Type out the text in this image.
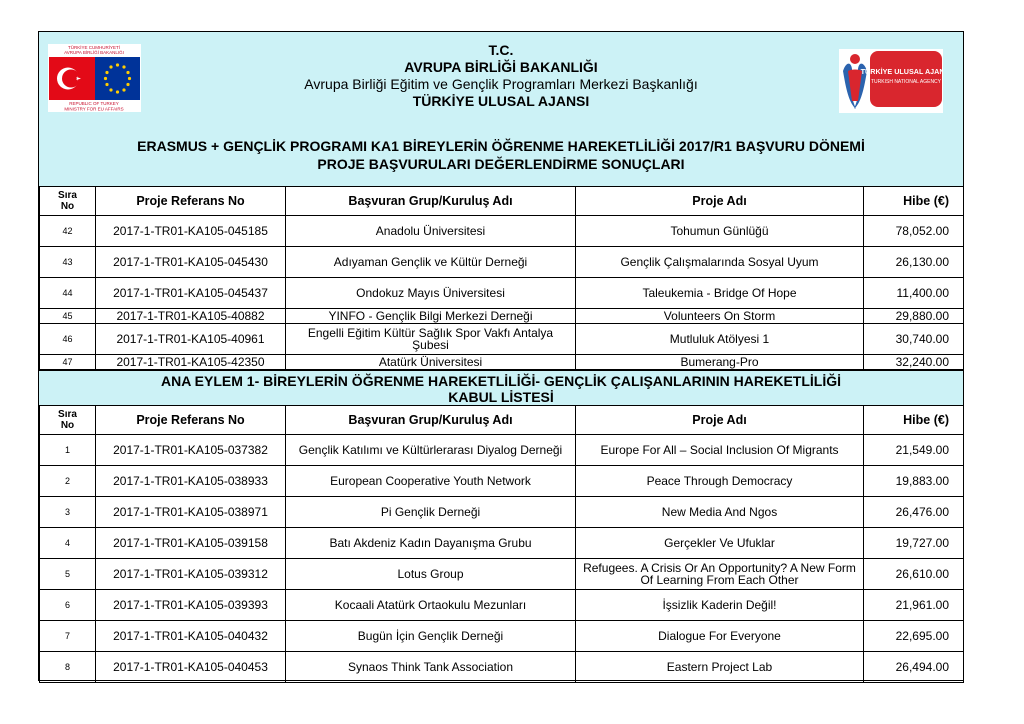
TÜRKİYE CUMHURİYETİ
AVRUPA BİRLİĞİ BAKANLIĞI
REPUBLIC OF TURKEY
MINISTRY FOR EU AFFAIRS
T.C.
AVRUPA BİRLİĞİ BAKANLIĞI
Avrupa Birliği Eğitim ve Gençlik Programları Merkezi Başkanlığı
TÜRKİYE ULUSAL AJANSI
TÜRKİYE ULUSAL AJANSI
TURKISH NATIONAL AGENCY
ERASMUS + GENÇLİK PROGRAMI KA1 BİREYLERİN ÖĞRENME HAREKETLİLİĞİ 2017/R1 BAŞVURU DÖNEMİ
PROJE BAŞVURULARI DEĞERLENDİRME SONUÇLARI
Sıra
No	Proje Referans No	Başvuran Grup/Kuruluş Adı	Proje Adı	Hibe (€)
42	2017-1-TR01-KA105-045185	Anadolu Üniversitesi	Tohumun Günlüğü	78,052.00
43	2017-1-TR01-KA105-045430	Adıyaman Gençlik ve Kültür Derneği	Gençlik Çalışmalarında Sosyal Uyum	26,130.00
44	2017-1-TR01-KA105-045437	Ondokuz Mayıs Üniversitesi	Taleukemia - Bridge Of Hope	11,400.00
45	2017-1-TR01-KA105-40882	YINFO - Gençlik Bilgi Merkezi Derneği	Volunteers On Storm	29,880.00
46	2017-1-TR01-KA105-40961	Engelli Eğitim Kültür Sağlık Spor Vakfı Antalya Şubesi	Mutluluk Atölyesi 1	30,740.00
47	2017-1-TR01-KA105-42350	Atatürk Üniversitesi	Bumerang-Pro	32,240.00
ANA EYLEM 1- BİREYLERİN ÖĞRENME HAREKETLİLİĞİ- GENÇLİK ÇALIŞANLARININ HAREKETLİLİĞİ
KABUL LİSTESİ
Sıra
No	Proje Referans No	Başvuran Grup/Kuruluş Adı	Proje Adı	Hibe (€)
1	2017-1-TR01-KA105-037382	Gençlik Katılımı ve Kültürlerarası Diyalog Derneği	Europe For All – Social Inclusion Of Migrants	21,549.00
2	2017-1-TR01-KA105-038933	European Cooperative Youth Network	Peace Through Democracy	19,883.00
3	2017-1-TR01-KA105-038971	Pi Gençlik Derneği	New Media And Ngos	26,476.00
4	2017-1-TR01-KA105-039158	Batı Akdeniz Kadın Dayanışma Grubu	Gerçekler Ve Ufuklar	19,727.00
5	2017-1-TR01-KA105-039312	Lotus Group	Refugees. A Crisis Or An Opportunity? A New Form Of Learning From Each Other	26,610.00
6	2017-1-TR01-KA105-039393	Kocaali Atatürk Ortaokulu Mezunları	İşsizlik Kaderin Değil!	21,961.00
7	2017-1-TR01-KA105-040432	Bugün İçin Gençlik Derneği	Dialogue For Everyone	22,695.00
8	2017-1-TR01-KA105-040453	Synaos Think Tank Association	Eastern Project Lab	26,494.00
